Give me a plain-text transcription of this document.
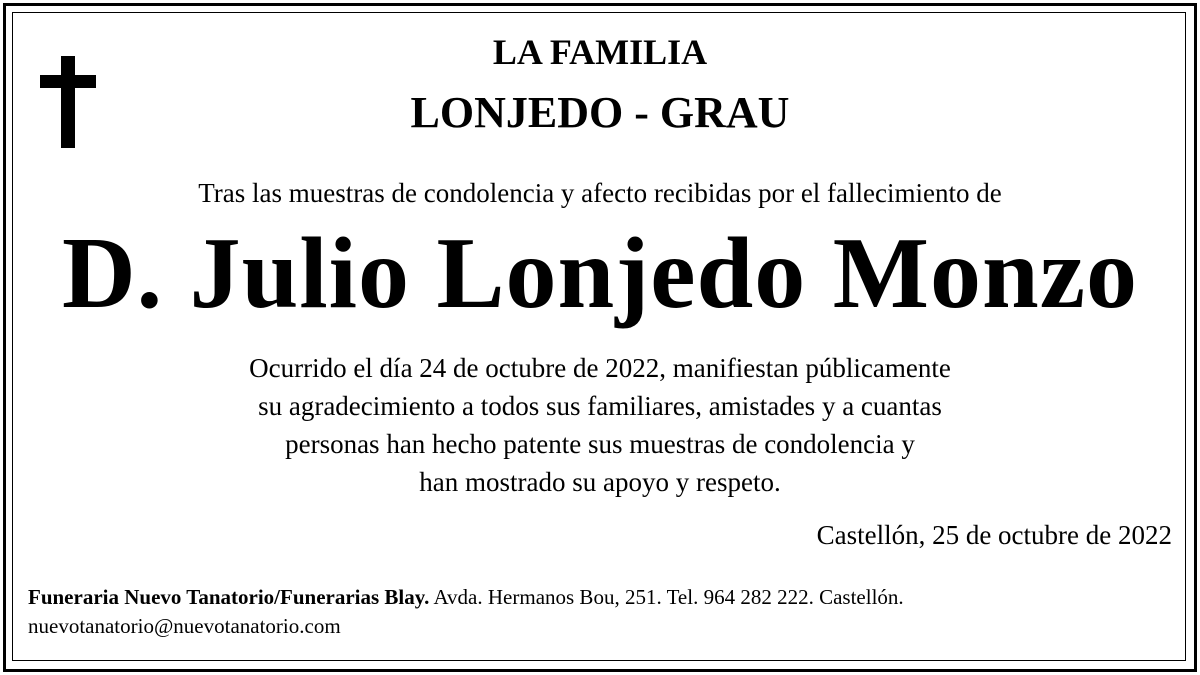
LA FAMILIA
LONJEDO - GRAU
Tras las muestras de condolencia y afecto recibidas por el fallecimiento de
D. Julio Lonjedo Monzo
Ocurrido el día 24 de octubre de 2022, manifiestan públicamente
su agradecimiento a todos sus familiares, amistades y a cuantas
personas han hecho patente sus muestras de condolencia y
han mostrado su apoyo y respeto.
Castellón, 25 de octubre de 2022
Funeraria Nuevo Tanatorio/Funerarias Blay. Avda. Hermanos Bou, 251. Tel. 964 282 222. Castellón.
nuevotanatorio@nuevotanatorio.com
